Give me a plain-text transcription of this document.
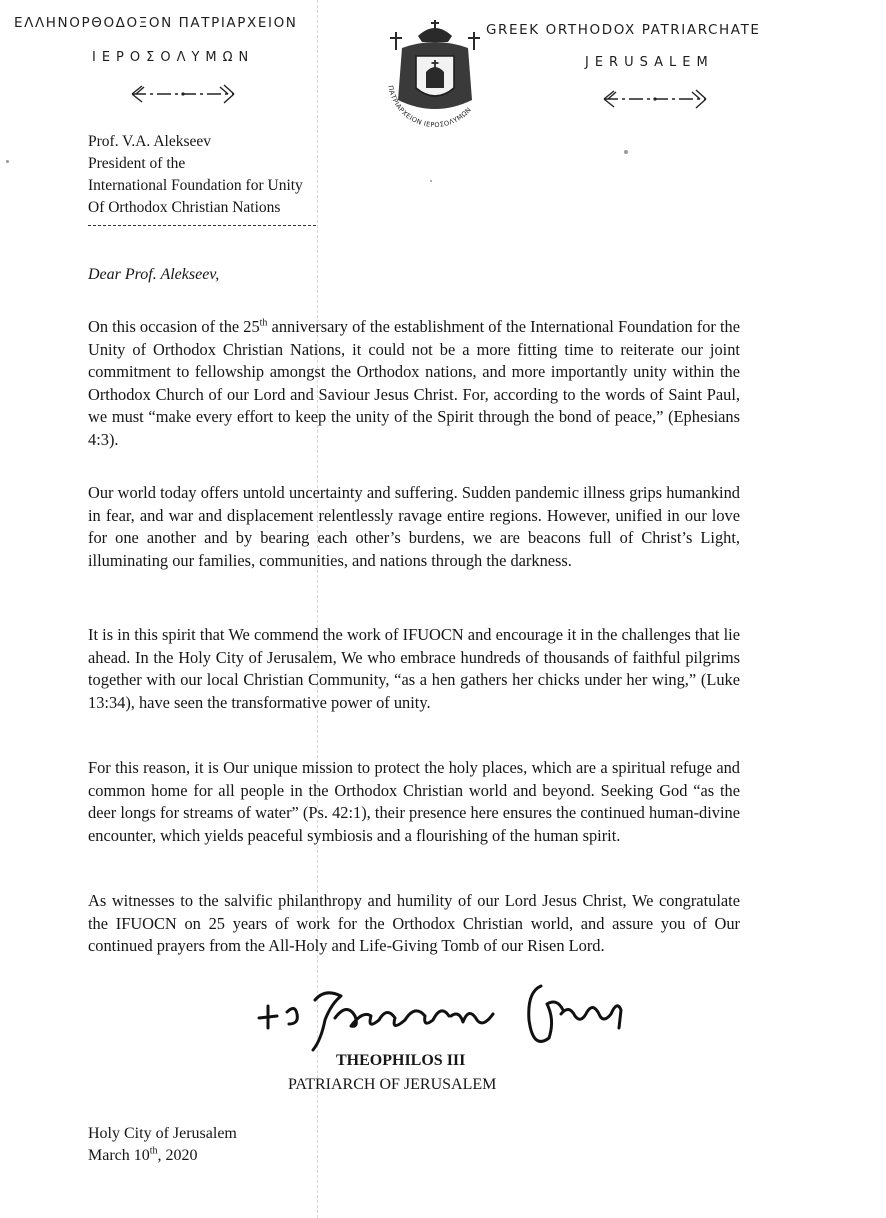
ΕΛΛΗΝΟΡΘΟΔΟΞΟΝ ΠΑΤΡΙΑΡΧΕΙΟΝ
ΙΕΡΟΣΟΛΥΜΩΝ
GREEK ORTHODOX PATRIARCHATE
JERUSALEM
ΠΑΤΡΙΑΡΧΕΙΟΝ ΙΕΡΟΣΟΛΥΜΩΝ
Prof. V.A. Alekseev
President of the
International Foundation for Unity
Of Orthodox Christian Nations
Dear Prof. Alekseev,
On this occasion of the 25th anniversary of the establishment of the International Foundation for the Unity of Orthodox Christian Nations, it could not be a more fitting time to reiterate our joint commitment to fellowship amongst the Orthodox nations, and more importantly unity within the Orthodox Church of our Lord and Saviour Jesus Christ. For, according to the words of Saint Paul, we must “make every effort to keep the unity of the Spirit through the bond of peace,” (Ephesians 4:3).
Our world today offers untold uncertainty and suffering. Sudden pandemic illness grips humankind in fear, and war and displacement relentlessly ravage entire regions. However, unified in our love for one another and by bearing each other’s burdens, we are beacons full of Christ’s Light, illuminating our families, communities, and nations through the darkness.
It is in this spirit that We commend the work of IFUOCN and encourage it in the challenges that lie ahead. In the Holy City of Jerusalem, We who embrace hundreds of thousands of faithful pilgrims together with our local Christian Community, “as a hen gathers her chicks under her wing,” (Luke 13:34), have seen the transformative power of unity.
For this reason, it is Our unique mission to protect the holy places, which are a spiritual refuge and common home for all people in the Orthodox Christian world and beyond. Seeking God “as the deer longs for streams of water” (Ps. 42:1), their presence here ensures the continued human-divine encounter, which yields peaceful symbiosis and a flourishing of the human spirit.
As witnesses to the salvific philanthropy and humility of our Lord Jesus Christ, We congratulate the IFUOCN on 25 years of work for the Orthodox Christian world, and assure you of Our continued prayers from the All-Holy and Life-Giving Tomb of our Risen Lord.
THEOPHILOS III
PATRIARCH OF JERUSALEM
Holy City of Jerusalem
March 10th, 2020
